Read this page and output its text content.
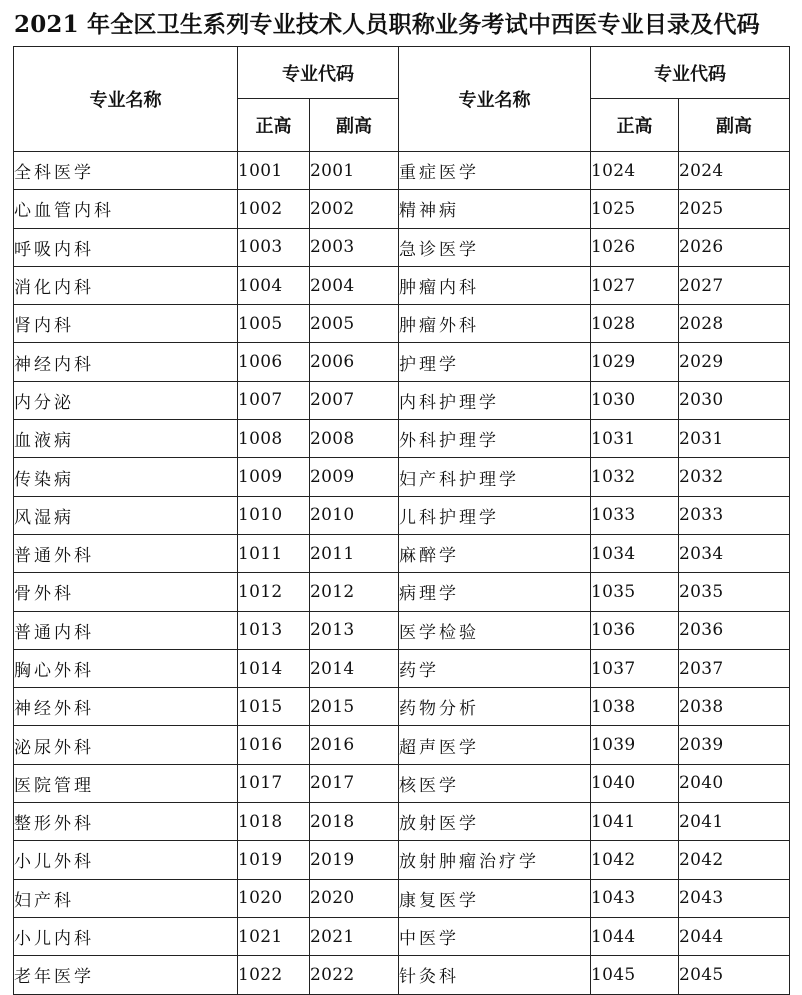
2021 年全区卫生系列专业技术人员职称业务考试中西医专业目录及代码
专业名称	专业代码		专业名称	专业代码	
	正高	副高		正高	副高
全科医学	1001	2001	重症医学	1024	2024
心血管内科	1002	2002	精神病	1025	2025
呼吸内科	1003	2003	急诊医学	1026	2026
消化内科	1004	2004	肿瘤内科	1027	2027
肾内科	1005	2005	肿瘤外科	1028	2028
神经内科	1006	2006	护理学	1029	2029
内分泌	1007	2007	内科护理学	1030	2030
血液病	1008	2008	外科护理学	1031	2031
传染病	1009	2009	妇产科护理学	1032	2032
风湿病	1010	2010	儿科护理学	1033	2033
普通外科	1011	2011	麻醉学	1034	2034
骨外科	1012	2012	病理学	1035	2035
普通内科	1013	2013	医学检验	1036	2036
胸心外科	1014	2014	药学	1037	2037
神经外科	1015	2015	药物分析	1038	2038
泌尿外科	1016	2016	超声医学	1039	2039
医院管理	1017	2017	核医学	1040	2040
整形外科	1018	2018	放射医学	1041	2041
小儿外科	1019	2019	放射肿瘤治疗学	1042	2042
妇产科	1020	2020	康复医学	1043	2043
小儿内科	1021	2021	中医学	1044	2044
老年医学	1022	2022	针灸科	1045	2045
